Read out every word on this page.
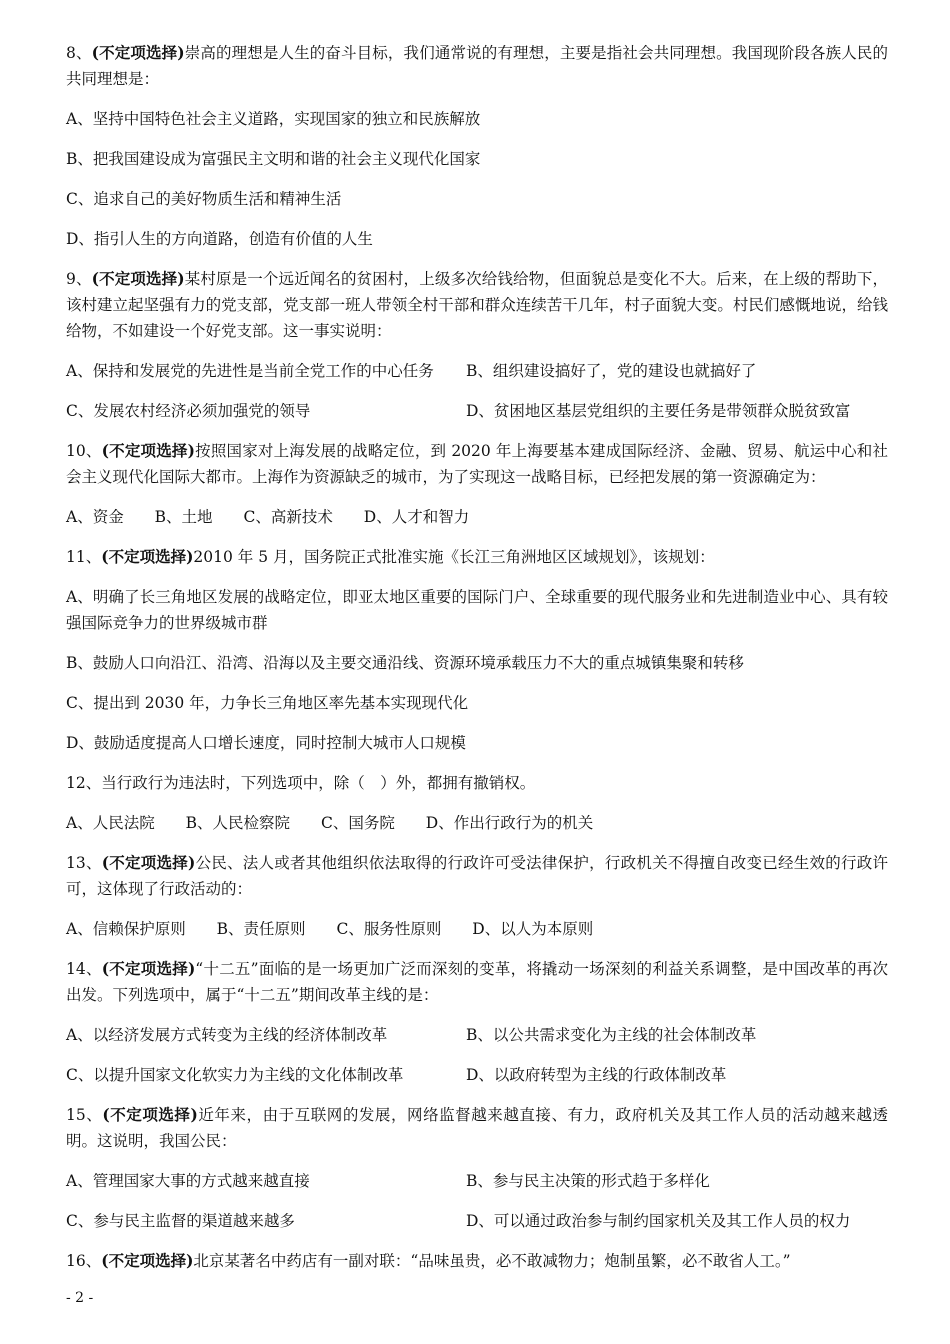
8、(不定项选择)崇高的理想是人生的奋斗目标，我们通常说的有理想，主要是指社会共同理想。我国现阶段各族人民的共同理想是：

A、坚持中国特色社会主义道路，实现国家的独立和民族解放

B、把我国建设成为富强民主文明和谐的社会主义现代化国家

C、追求自己的美好物质生活和精神生活

D、指引人生的方向道路，创造有价值的人生

9、(不定项选择)某村原是一个远近闻名的贫困村，上级多次给钱给物，但面貌总是变化不大。后来，在上级的帮助下，该村建立起坚强有力的党支部，党支部一班人带领全村干部和群众连续苦干几年，村子面貌大变。村民们感慨地说，给钱给物，不如建设一个好党支部。这一事实说明：

A、保持和发展党的先进性是当前全党工作的中心任务	B、组织建设搞好了，党的建设也就搞好了
C、发展农村经济必须加强党的领导	D、贫困地区基层党组织的主要任务是带领群众脱贫致富

10、(不定项选择)按照国家对上海发展的战略定位，到 2020 年上海要基本建成国际经济、金融、贸易、航运中心和社会主义现代化国际大都市。上海作为资源缺乏的城市，为了实现这一战略目标，已经把发展的第一资源确定为：

A、资金 B、土地 C、高新技术 D、人才和智力

11、(不定项选择)2010 年 5 月，国务院正式批准实施《长江三角洲地区区域规划》，该规划：

A、明确了长三角地区发展的战略定位，即亚太地区重要的国际门户、全球重要的现代服务业和先进制造业中心、具有较强国际竞争力的世界级城市群

B、鼓励人口向沿江、沿湾、沿海以及主要交通沿线、资源环境承载压力不大的重点城镇集聚和转移

C、提出到 2030 年，力争长三角地区率先基本实现现代化

D、鼓励适度提高人口增长速度，同时控制大城市人口规模

12、当行政行为违法时，下列选项中，除（　）外，都拥有撤销权。

A、人民法院 B、人民检察院 C、国务院 D、作出行政行为的机关

13、(不定项选择)公民、法人或者其他组织依法取得的行政许可受法律保护，行政机关不得擅自改变已经生效的行政许可，这体现了行政活动的：

A、信赖保护原则 B、责任原则 C、服务性原则 D、以人为本原则

14、(不定项选择)“十二五”面临的是一场更加广泛而深刻的变革，将撬动一场深刻的利益关系调整，是中国改革的再次出发。下列选项中，属于“十二五”期间改革主线的是：

A、以经济发展方式转变为主线的经济体制改革	B、以公共需求变化为主线的社会体制改革
C、以提升国家文化软实力为主线的文化体制改革	D、以政府转型为主线的行政体制改革

15、(不定项选择)近年来，由于互联网的发展，网络监督越来越直接、有力，政府机关及其工作人员的活动越来越透明。这说明，我国公民：

A、管理国家大事的方式越来越直接	B、参与民主决策的形式趋于多样化
C、参与民主监督的渠道越来越多	D、可以通过政治参与制约国家机关及其工作人员的权力

16、(不定项选择)北京某著名中药店有一副对联：“品味虽贵，必不敢减物力；炮制虽繁，必不敢省人工。”

- 2 -
